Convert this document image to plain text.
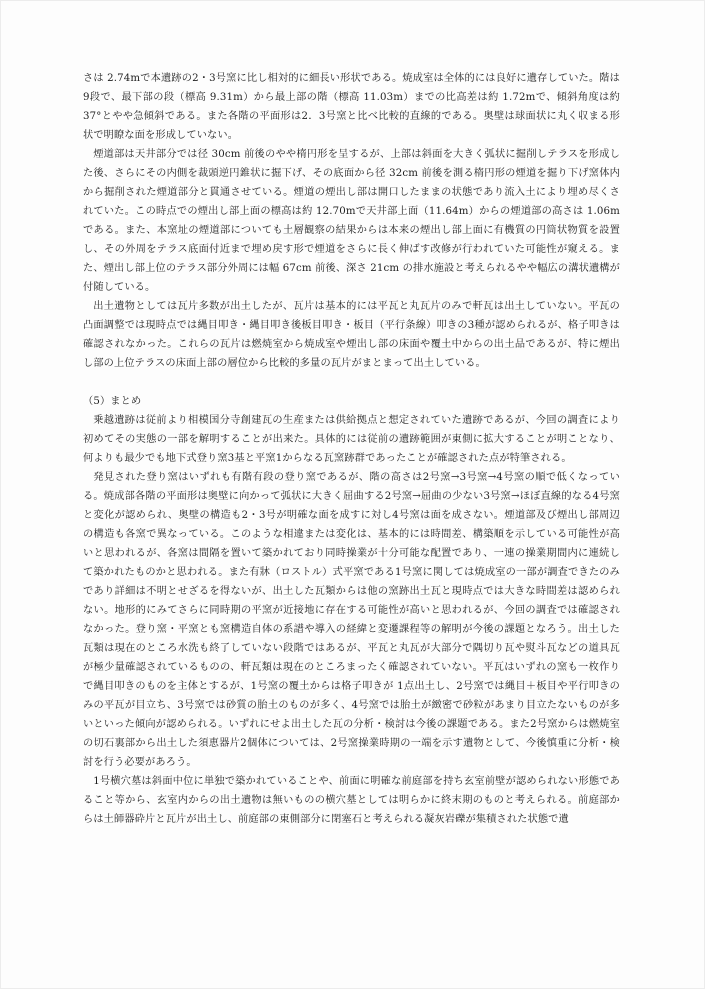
さは 2.74mで本遺跡の2・3号窯に比し相対的に細長い形状である。焼成室は全体的には良好に遺存していた。階は9段で、最下部の段（標高 9.31m）から最上部の階（標高 11.03m）までの比高差は約 1.72mで、傾斜角度は約37°とやや急傾斜である。また各階の平面形は2．3号窯と比べ比較的直線的である。奥壁は球面状に丸く収まる形状で明瞭な面を形成していない。

煙道部は天井部分では径 30cm 前後のやや楕円形を呈するが、上部は斜面を大きく弧状に掘削しテラスを形成した後、さらにその内側を裁頭逆円錐状に掘下げ、その底面から径 32cm 前後を測る楕円形の煙道を掘り下げ窯体内から掘削された煙道部分と貫通させている。煙道の煙出し部は開口したままの状態であり流入土により埋め尽くされていた。この時点での煙出し部上面の標高は約 12.70mで天井部上面（11.64m）からの煙道部の高さは 1.06mである。また、本窯址の煙道部についても土層観察の結果からは本来の煙出し部上面に有機質の円筒状物質を設置し、その外周をテラス底面付近まで埋め戻す形で煙道をさらに長く伸ばす改修が行われていた可能性が窺える。また、煙出し部上位のテラス部分外周には幅 67cm 前後、深さ 21cm の排水施設と考えられるやや幅広の溝状遺構が付随している。

出土遺物としては瓦片多数が出土したが、瓦片は基本的には平瓦と丸瓦片のみで軒瓦は出土していない。平瓦の凸面調整では現時点では縄目叩き・縄目叩き後板目叩き・板目（平行条線）叩きの3種が認められるが、格子叩きは確認されなかった。これらの瓦片は燃焼室から焼成室や煙出し部の床面や覆土中からの出土品であるが、特に煙出し部の上位テラスの床面上部の層位から比較的多量の瓦片がまとまって出土している。

（5）まとめ

乗越遺跡は従前より相模国分寺創建瓦の生産または供給拠点と想定されていた遺跡であるが、今回の調査により初めてその実態の一部を解明することが出来た。具体的には従前の遺跡範囲が東側に拡大することが明ことなり、何よりも最少でも地下式登り窯3基と平窯1からなる瓦窯跡群であったことが確認された点が特筆される。

発見された登り窯はいずれも有階有段の登り窯であるが、階の高さは2号窯→3号窯→4号窯の順で低くなっている。焼成部各階の平面形は奥壁に向かって弧状に大きく屈曲する2号窯→屈曲の少ない3号窯→ほぼ直線的なる4号窯と変化が認められ、奥壁の構造も2・3号が明確な面を成すに対し4号窯は面を成さない。煙道部及び煙出し部周辺の構造も各窯で異なっている。このような相違または変化は、基本的には時間差、構築順を示している可能性が高いと思われるが、各窯は間隔を置いて築かれており同時操業が十分可能な配置であり、一連の操業期間内に連続して築かれたものかと思われる。また有牀（ロストル）式平窯である1号窯に関しては焼成室の一部が調査できたのみであり詳細は不明とせざるを得ないが、出土した瓦類からは他の窯跡出土瓦と現時点では大きな時間差は認められない。地形的にみてさらに同時期の平窯が近接地に存在する可能性が高いと思われるが、今回の調査では確認されなかった。登り窯・平窯とも窯構造自体の系譜や導入の経緯と変遷課程等の解明が今後の課題となろう。出土した瓦類は現在のところ水洗も終了していない段階ではあるが、平瓦と丸瓦が大部分で隅切り瓦や熨斗瓦などの道具瓦が極少量確認されているものの、軒瓦類は現在のところまったく確認されていない。平瓦はいずれの窯も一枚作りで縄目叩きのものを主体とするが、1号窯の覆土からは格子叩きが 1点出土し、2号窯では縄目＋板目や平行叩きのみの平瓦が目立ち、3号窯では砂質の胎土のものが多く、4号窯では胎土が緻密で砂粒があまり目立たないものが多いといった傾向が認められる。いずれにせよ出土した瓦の分析・検討は今後の課題である。また2号窯からは燃焼室の切石裏部から出土した須恵器片2個体については、2号窯操業時期の一端を示す遺物として、今後慎重に分析・検討を行う必要があろう。

1号横穴墓は斜面中位に単独で築かれていることや、前面に明確な前庭部を持ち玄室前壁が認められない形態であること等から、玄室内からの出土遺物は無いものの横穴墓としては明らかに終末期のものと考えられる。前庭部からは土師器砕片と瓦片が出土し、前庭部の東側部分に閉塞石と考えられる凝灰岩礫が集積された状態で遺
